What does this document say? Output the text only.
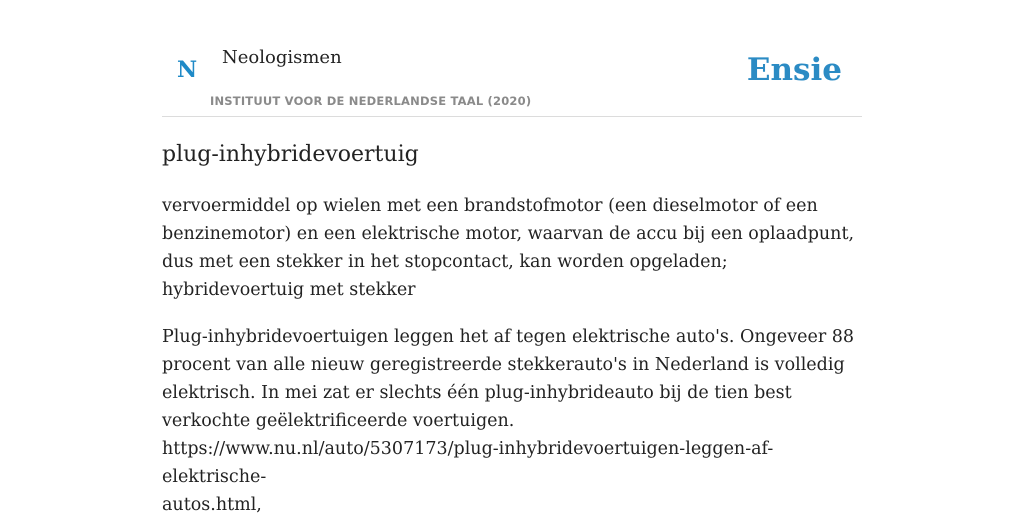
N Neologismen
INSTITUUT VOOR DE NEDERLANDSE TAAL (2020)
Ensie
plug-inhybridevoertuig

vervoermiddel op wielen met een brandstofmotor (een dieselmotor of een benzinemotor) en een elektrische motor, waarvan de accu bij een oplaadpunt, dus met een stekker in het stopcontact, kan worden opgeladen; hybridevoertuig met stekker

Plug-inhybridevoertuigen leggen het af tegen elektrische auto's. Ongeveer 88 procent van alle nieuw geregistreerde stekkerauto's in Nederland is volledig elektrisch. In mei zat er slechts één plug-inhybrideauto bij de tien best verkochte geëlektrificeerde voertuigen.
https://www.nu.nl/auto/5307173/plug-inhybridevoertuigen-leggen-af-elektrische-
autos.html,
